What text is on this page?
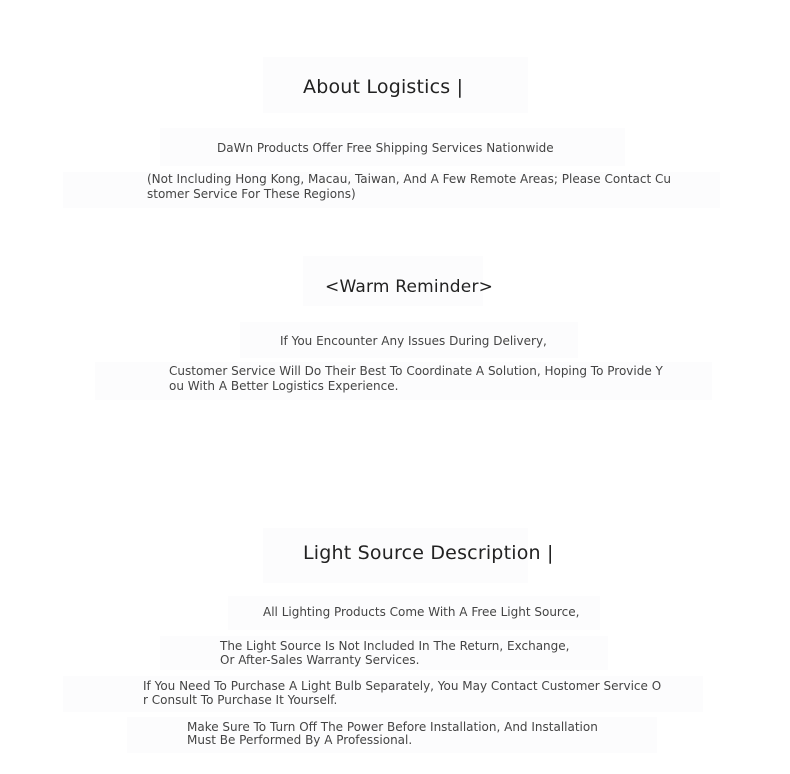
About Logistics |
DaWn Products Offer Free Shipping Services Nationwide
(Not Including Hong Kong, Macau, Taiwan, And A Few Remote Areas; Please Contact Cu
stomer Service For These Regions)
<Warm Reminder>
If You Encounter Any Issues During Delivery,
Customer Service Will Do Their Best To Coordinate A Solution, Hoping To Provide Y
ou With A Better Logistics Experience.
Light Source Description |
All Lighting Products Come With A Free Light Source,
The Light Source Is Not Included In The Return, Exchange,
Or After-Sales Warranty Services.
If You Need To Purchase A Light Bulb Separately, You May Contact Customer Service O
r Consult To Purchase It Yourself.
Make Sure To Turn Off The Power Before Installation, And Installation
Must Be Performed By A Professional.
